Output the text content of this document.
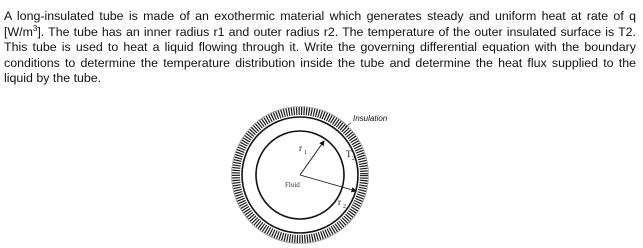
A long-insulated tube is made of an exothermic material which generates steady and uniform heat at rate of q $[W/m^3]$. The tube has an inner radius r1 and outer radius r2. The temperature of the outer insulated surface is T2. This tube is used to heat a liquid flowing through it. Write the governing differential equation with the boundary conditions to determine the temperature distribution inside the tube and determine the heat flux supplied to the liquid by the tube.

Insulation
Fluid
r 1	T 2
r 2
